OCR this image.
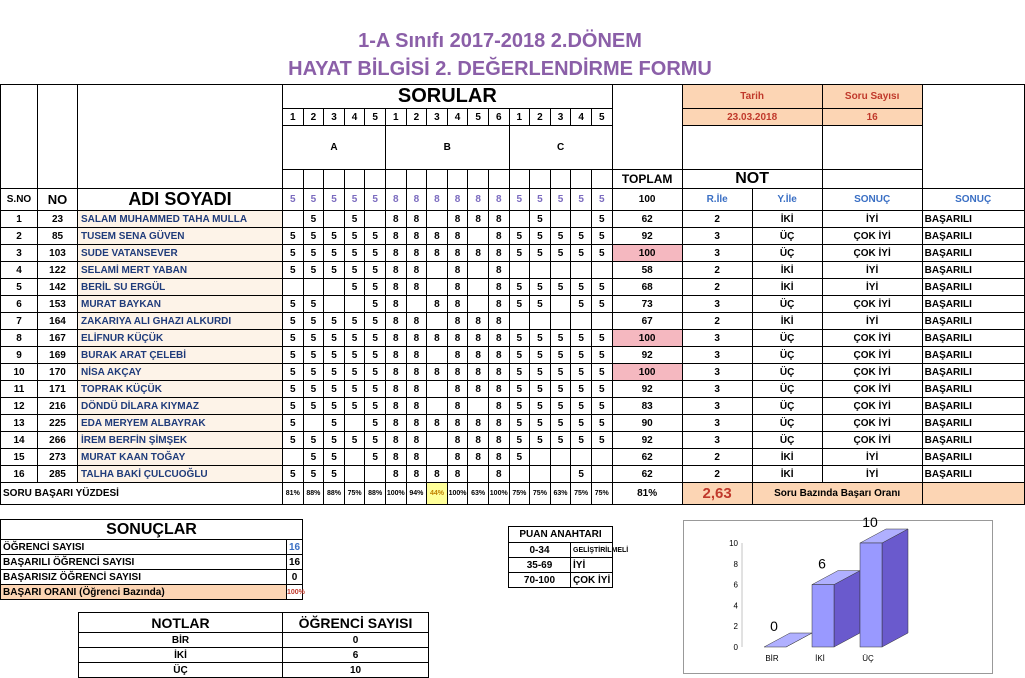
1-A Sınıfı 2017-2018 2.DÖNEM
HAYAT BİLGİSİ 2. DEĞERLENDİRME FORMU
			SORULAR																	Tarih		Soru Sayısı	
			1	2	3	4	5	1	2	3	4	5	6	1	2	3	4	5		23.03.2018		16	
			A					B						C									
																			TOPLAM	NOT			
S.NO	NO	ADI SOYADI	5	5	5	5	5	8	8	8	8	8	8	5	5	5	5	5	100	R.İle	Y.İle	SONUÇ	SONUÇ
1	23	SALAM MUHAMMED TAHA MULLA		5		5		8	8		8	8	8		5			5	62	2	İKİ	İYİ	BAŞARILI
2	85	TUSEM SENA GÜVEN	5	5	5	5	5	8	8	8	8		8	5	5	5	5	5	92	3	ÜÇ	ÇOK İYİ	BAŞARILI
3	103	SUDE VATANSEVER	5	5	5	5	5	8	8	8	8	8	8	5	5	5	5	5	100	3	ÜÇ	ÇOK İYİ	BAŞARILI
4	122	SELAMİ MERT YABAN	5	5	5	5	5	8	8		8		8						58	2	İKİ	İYİ	BAŞARILI
5	142	BERİL SU ERGÜL				5	5	8	8		8		8	5	5	5	5	5	68	2	İKİ	İYİ	BAŞARILI
6	153	MURAT BAYKAN	5	5			5	8		8	8		8	5	5		5	5	73	3	ÜÇ	ÇOK İYİ	BAŞARILI
7	164	ZAKARIYA ALI GHAZI ALKURDI	5	5	5	5	5	8	8		8	8	8						67	2	İKİ	İYİ	BAŞARILI
8	167	ELİFNUR KÜÇÜK	5	5	5	5	5	8	8	8	8	8	8	5	5	5	5	5	100	3	ÜÇ	ÇOK İYİ	BAŞARILI
9	169	BURAK ARAT ÇELEBİ	5	5	5	5	5	8	8		8	8	8	5	5	5	5	5	92	3	ÜÇ	ÇOK İYİ	BAŞARILI
10	170	NİSA AKÇAY	5	5	5	5	5	8	8	8	8	8	8	5	5	5	5	5	100	3	ÜÇ	ÇOK İYİ	BAŞARILI
11	171	TOPRAK KÜÇÜK	5	5	5	5	5	8	8		8	8	8	5	5	5	5	5	92	3	ÜÇ	ÇOK İYİ	BAŞARILI
12	216	DÖNDÜ DİLARA KIYMAZ	5	5	5	5	5	8	8		8		8	5	5	5	5	5	83	3	ÜÇ	ÇOK İYİ	BAŞARILI
13	225	EDA MERYEM ALBAYRAK	5		5		5	8	8	8	8	8	8	5	5	5	5	5	90	3	ÜÇ	ÇOK İYİ	BAŞARILI
14	266	İREM BERFİN ŞİMŞEK	5	5	5	5	5	8	8		8	8	8	5	5	5	5	5	92	3	ÜÇ	ÇOK İYİ	BAŞARILI
15	273	MURAT KAAN TOĞAY		5	5		5	8	8		8	8	8	5					62	2	İKİ	İYİ	BAŞARILI
16	285	TALHA BAKİ ÇULCUOĞLU	5	5	5			8	8	8	8		8				5		62	2	İKİ	İYİ	BAŞARILI
SORU BAŞARI YÜZDESİ			81%	88%	88%	75%	88%	100%	94%	44%	100%	63%	100%	75%	75%	63%	75%	75%	81%	2,63	Soru Bazında Başarı Oranı		
SONUÇLAR	
ÖĞRENCİ SAYISI	16
BAŞARILI ÖĞRENCİ SAYISI	16
BAŞARISIZ ÖĞRENCİ SAYISI	0
BAŞARI ORANI (Öğrenci Bazında)	100%
PUAN ANAHTARI	
0-34	GELİŞTİRİLMELİ
35-69	İYİ
70-100	ÇOK İYİ
NOTLAR	ÖĞRENCİ SAYISI
BİR	0
İKİ	6
ÜÇ	10
0
2
4
6
8
10
0
BİR
6
İKİ
10
ÜÇ
